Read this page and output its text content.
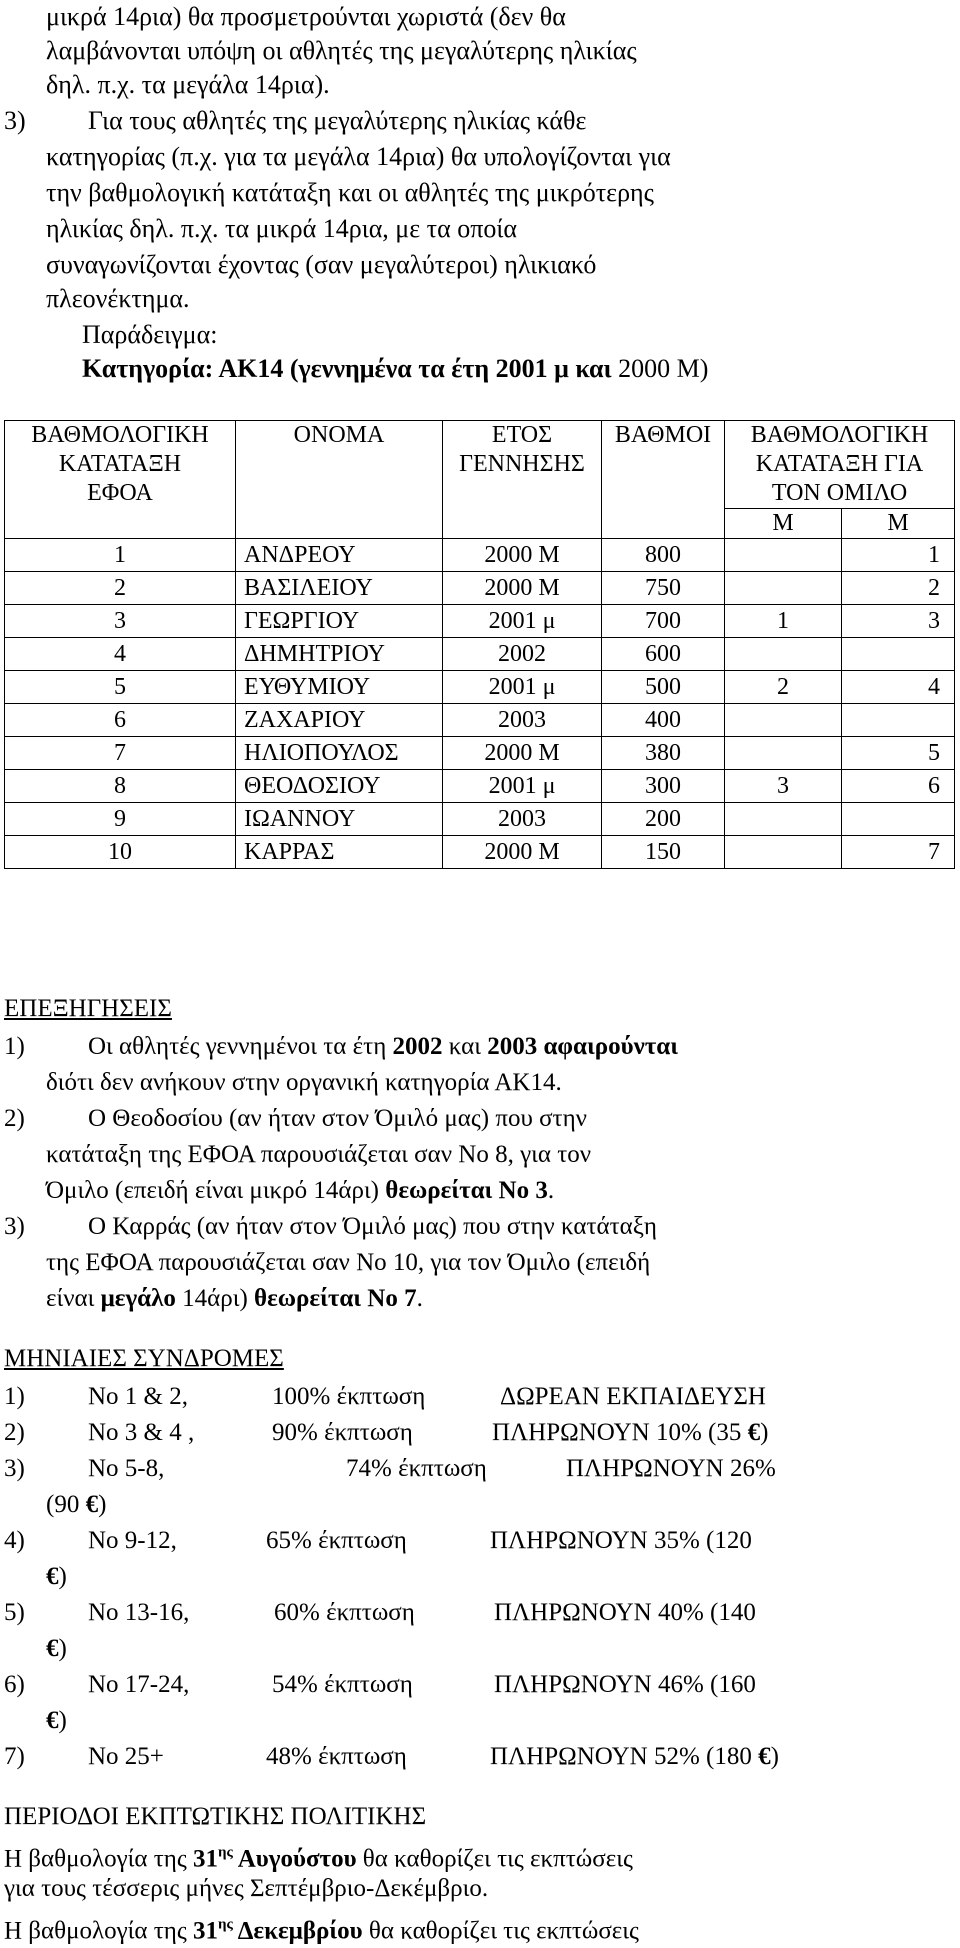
μικρά 14ρια) θα προσμετρούνται χωριστά (δεν θα
λαμβάνονται υπόψη οι αθλητές της μεγαλύτερης ηλικίας
δηλ. π.χ. τα μεγάλα 14ρια).
3) Για τους αθλητές της μεγαλύτερης ηλικίας κάθε
κατηγορίας (π.χ. για τα μεγάλα 14ρια) θα υπολογίζονται για
την βαθμολογική κατάταξη και οι αθλητές της μικρότερης
ηλικίας δηλ. π.χ. τα μικρά 14ρια, με τα οποία
συναγωνίζονται έχοντας (σαν μεγαλύτεροι) ηλικιακό
πλεονέκτημα.
Παράδειγμα:
Κατηγορία: ΑΚ14 (γεννημένα τα έτη 2001 μ και 2000 Μ)
ΒΑΘΜΟΛΟΓΙΚΗ
ΚΑΤΑΤΑΞΗ
ΕΦΟΑ	ΟΝΟΜΑ	ΕΤΟΣ
ΓΕΝΝΗΣΗΣ	ΒΑΘΜΟΙ	ΒΑΘΜΟΛΟΓΙΚΗ
ΚΑΤΑΤΑΞΗ ΓΙΑ
ΤΟΝ ΟΜΙΛΟ	
				Μ	Μ
1	ΑΝΔΡΕΟΥ	2000 Μ	800		1
2	ΒΑΣΙΛΕΙΟΥ	2000 Μ	750		2
3	ΓΕΩΡΓΙΟΥ	2001 μ	700	1	3
4	ΔΗΜΗΤΡΙΟΥ	2002	600		
5	ΕΥΘΥΜΙΟΥ	2001 μ	500	2	4
6	ΖΑΧΑΡΙΟΥ	2003	400		
7	ΗΛΙΟΠΟΥΛΟΣ	2000 Μ	380		5
8	ΘΕΟΔΟΣΙΟΥ	2001 μ	300	3	6
9	ΙΩΑΝΝΟΥ	2003	200		
10	ΚΑΡΡΑΣ	2000 Μ	150		7
ΕΠΕΞΗΓΗΣΕΙΣ
1)	Οι αθλητές γεννημένοι τα έτη 2002 και 2003 αφαιρούνται
διότι δεν ανήκουν στην οργανική κατηγορία ΑΚ14.
2)	Ο Θεοδοσίου (αν ήταν στον Όμιλό μας) που στην
κατάταξη της ΕΦΟΑ παρουσιάζεται σαν Νο 8, για τον
Όμιλο (επειδή είναι μικρό 14άρι) θεωρείται Νο 3.
3)	Ο Καρράς (αν ήταν στον Όμιλό μας) που στην κατάταξη
της ΕΦΟΑ παρουσιάζεται σαν Νο 10, για τον Όμιλο (επειδή
είναι μεγάλο 14άρι) θεωρείται Νο 7.
ΜΗΝΙΑΙΕΣ ΣΥΝΔΡΟΜΕΣ
1)	Νο 1 & 2,	100% έκπτωση	ΔΩΡΕΑΝ ΕΚΠΑΙΔΕΥΣΗ
2)	Νο 3 & 4 ,	90% έκπτωση	ΠΛΗΡΩΝΟΥΝ 10% (35 €)
3)	Νο 5-8,	74% έκπτωση	ΠΛΗΡΩΝΟΥΝ 26%
(90 €)
4)	Νο 9-12,	65% έκπτωση	ΠΛΗΡΩΝΟΥΝ 35% (120
€)
5)	Νο 13-16,	60% έκπτωση	ΠΛΗΡΩΝΟΥΝ 40% (140
€)
6)	Νο 17-24,	54% έκπτωση	ΠΛΗΡΩΝΟΥΝ 46% (160
€)
7)	Νο 25+	48% έκπτωση	ΠΛΗΡΩΝΟΥΝ 52% (180 €)
ΠΕΡΙΟΔΟΙ ΕΚΠΤΩΤΙΚΗΣ ΠΟΛΙΤΙΚΗΣ
Η βαθμολογία της $31^{\eta\varsigma}$ Αυγούστου θα καθορίζει τις εκπτώσεις
για τους τέσσερις μήνες Σεπτέμβριο-Δεκέμβριο.
Η βαθμολογία της $31^{\eta\varsigma}$ Δεκεμβρίου θα καθορίζει τις εκπτώσεις
